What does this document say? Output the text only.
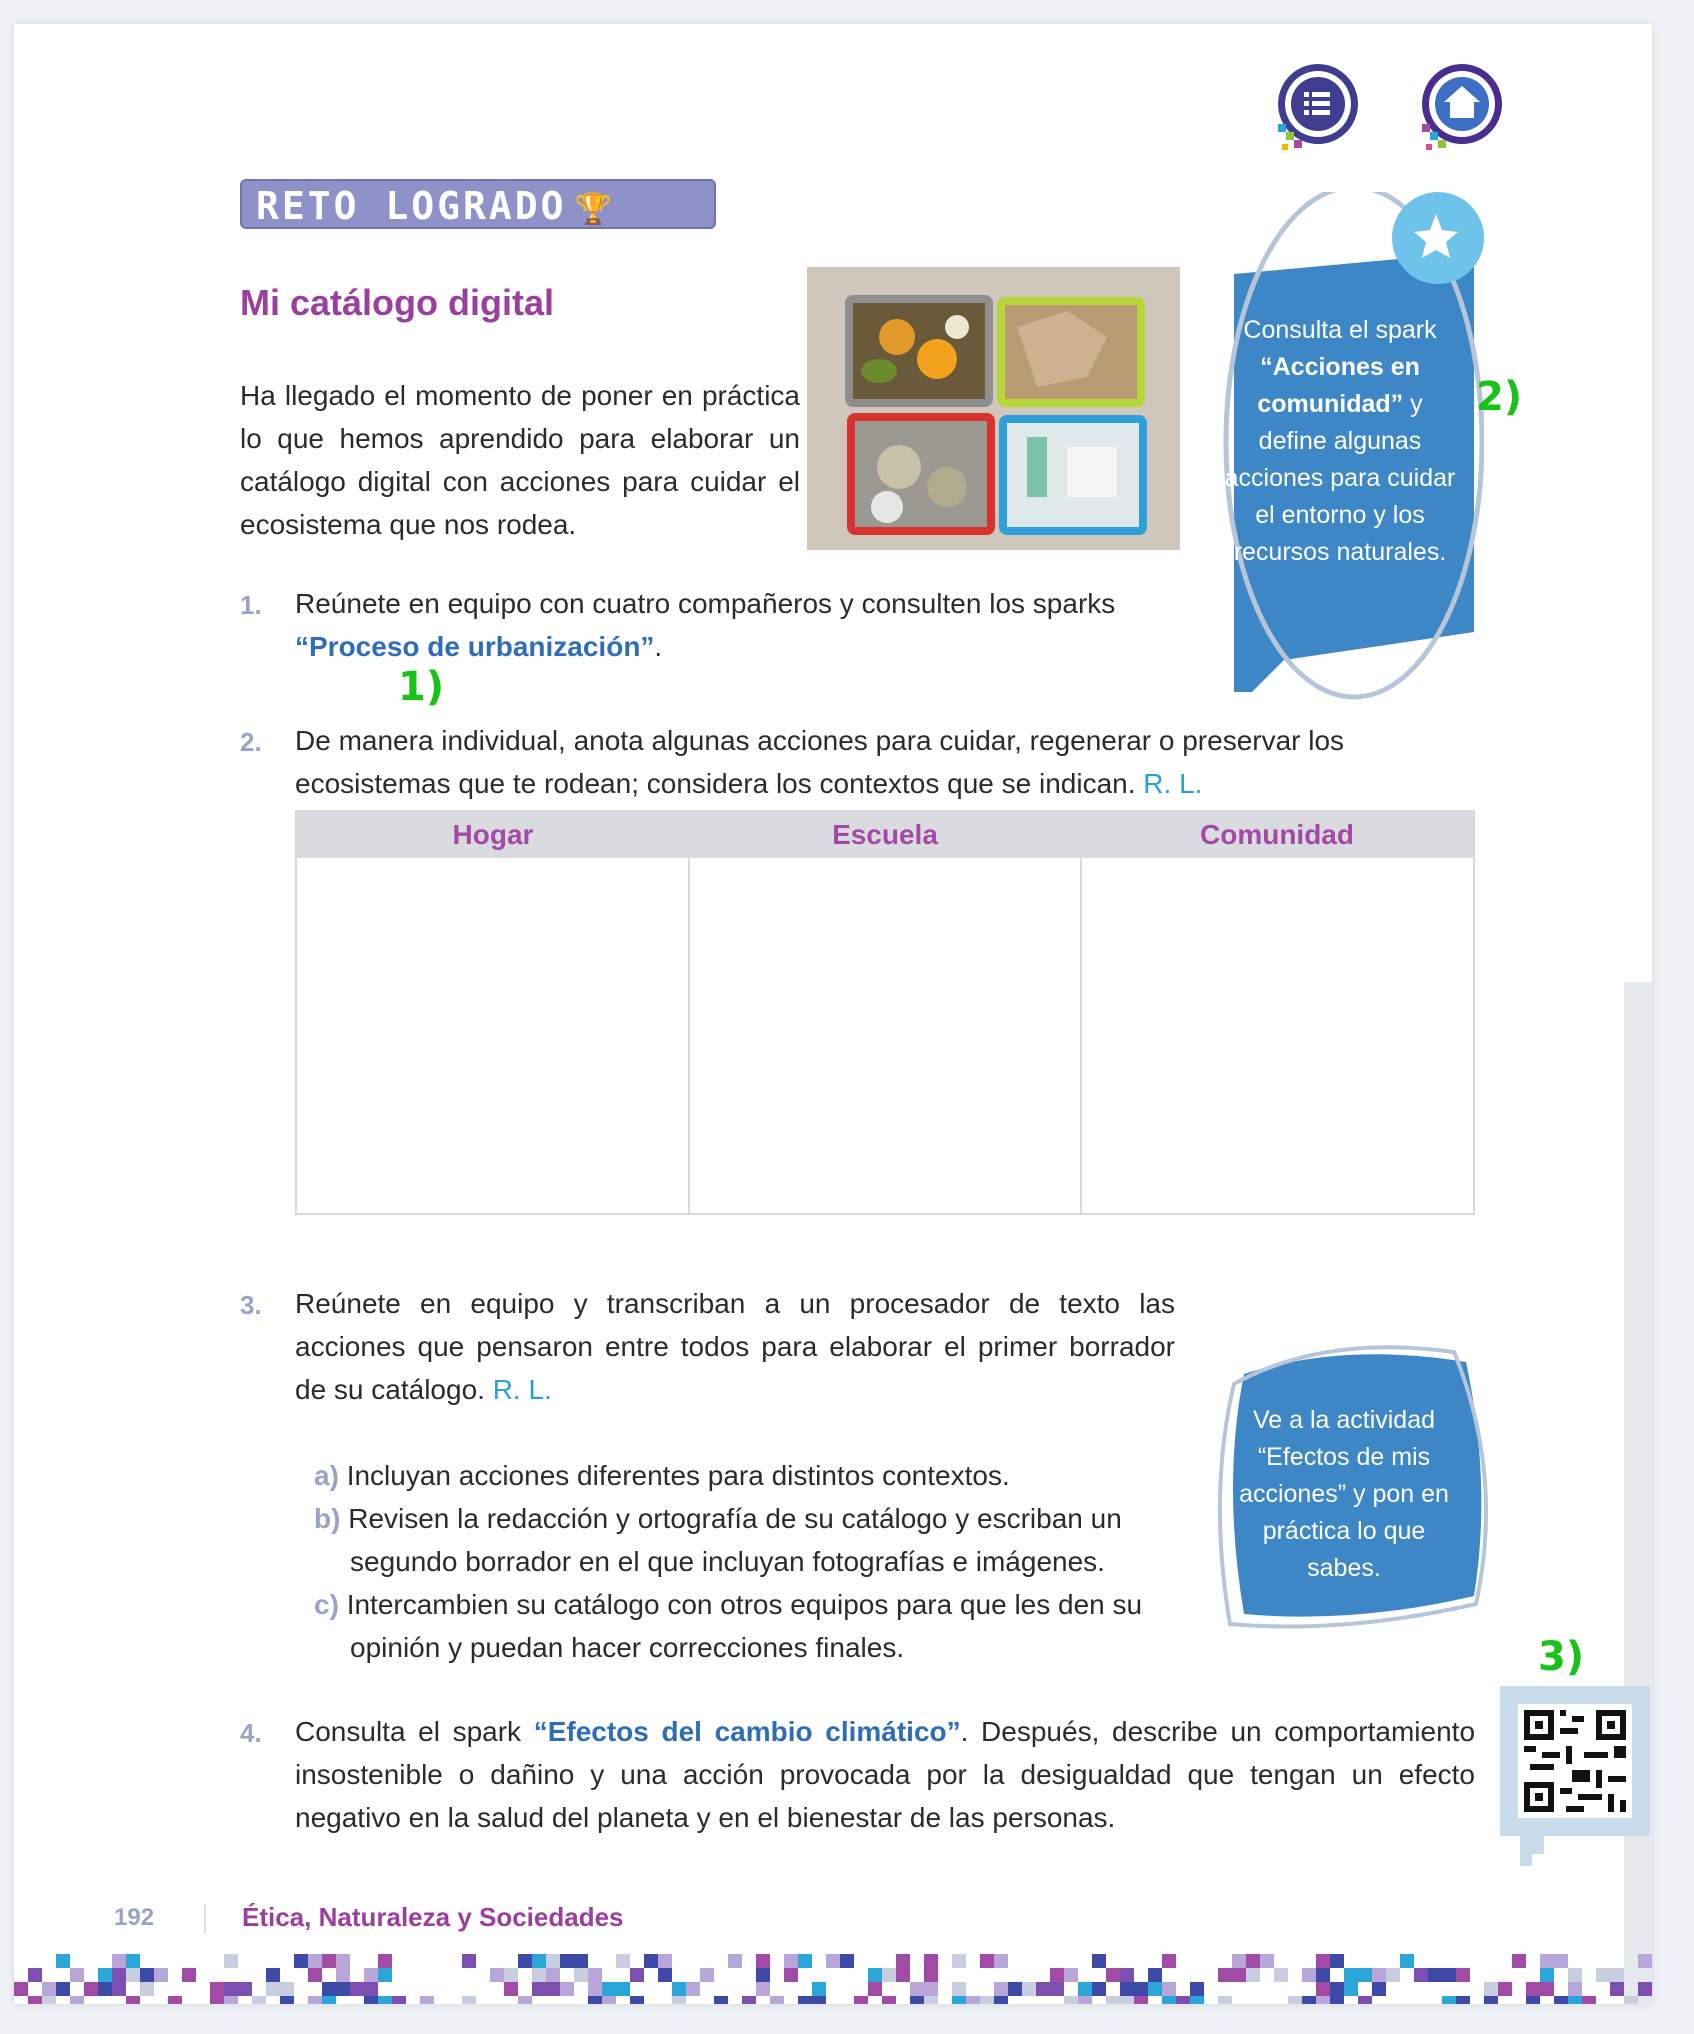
RETO LOGRADO 🏆
Mi catálogo digital
Ha llegado el momento de poner en práctica lo que hemos aprendido para elaborar un catálogo digital con acciones para cuidar el ecosistema que nos rodea.
Consulta el spark
“Acciones en comunidad” y define algunas acciones para cuidar el entorno y los recursos naturales.
2)
1. Reúnete en equipo con cuatro compañeros y consulten los sparks “Proceso de urbanización”.
1)
2. De manera individual, anota algunas acciones para cuidar, regenerar o preservar los ecosistemas que te rodean; considera los contextos que se indican. R. L.
Hogar	Escuela	Comunidad
3. Reúnete en equipo y transcriban a un procesador de texto las acciones que pensaron entre todos para elaborar el primer borrador de su catálogo. R. L.
a) Incluyan acciones diferentes para distintos contextos.
b) Revisen la redacción y ortografía de su catálogo y escriban un segundo borrador en el que incluyan fotografías e imágenes.
c) Intercambien su catálogo con otros equipos para que les den su opinión y puedan hacer correcciones finales.
Ve a la actividad “Efectos de mis acciones” y pon en práctica lo que sabes.
3)
4. Consulta el spark “Efectos del cambio climático”. Después, describe un comportamiento insostenible o dañino y una acción provocada por la desigualdad que tengan un efecto negativo en la salud del planeta y en el bienestar de las personas.
192	Ética, Naturaleza y Sociedades
